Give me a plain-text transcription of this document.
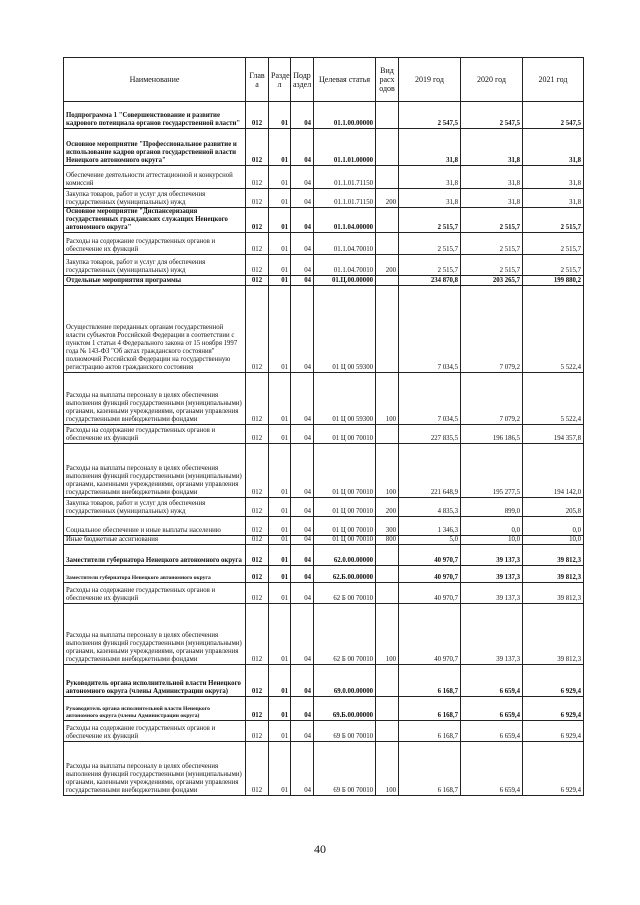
Наименование	Глав а	Разде л	Подр аздел	Целевая статья	Вид расх одов	2019 год	2020 год	2021 год
Подпрограмма 1 "Совершенствование и развитие кадрового потенциала органов государственной власти"	012	01	04	01.1.00.00000		2 547,5	2 547,5	2 547,5
Основное мероприятие "Профессиональное развитие и использование кадров органов государственной власти Ненецкого автономного округа"	012	01	04	01.1.01.00000		31,8	31,8	31,8
Обеспечение деятельности аттестационной и конкурсной комиссий	012	01	04	01.1.01.71150		31,8	31,8	31,8
Закупка товаров, работ и услуг для обеспечения государственных (муниципальных) нужд	012	01	04	01.1.01.71150	200	31,8	31,8	31,8
Основное мероприятие "Диспансеризация государственных гражданских служащих Ненецкого автономного округа"	012	01	04	01.1.04.00000		2 515,7	2 515,7	2 515,7
Расходы на содержание государственных органов и обеспечение их функций	012	01	04	01.1.04.70010		2 515,7	2 515,7	2 515,7
Закупка товаров, работ и услуг для обеспечения государственных (муниципальных) нужд	012	01	04	01.1.04.70010	200	2 515,7	2 515,7	2 515,7
Отдельные мероприятия программы	012	01	04	01.Ц.00.00000		234 870,8	203 265,7	199 880,2
Осуществление переданных органам государственной власти субъектов Российской Федерации в соответствии с пунктом 1 статьи 4 Федерального закона от 15 ноября 1997 года № 143-ФЗ "Об актах гражданского состояния" полномочий Российской Федерации на государственную регистрацию актов гражданского состояния	012	01	04	01 Ц 00 59300		7 034,5	7 079,2	5 522,4
Расходы на выплаты персоналу в целях обеспечения выполнения функций государственными (муниципальными) органами, казенными учреждениями, органами управления государственными внебюджетными фондами	012	01	04	01 Ц 00 59300	100	7 034,5	7 079,2	5 522,4
Расходы на содержание государственных органов и обеспечение их функций	012	01	04	01 Ц 00 70010		227 835,5	196 186,5	194 357,8
Расходы на выплаты персоналу в целях обеспечения выполнения функций государственными (муниципальными) органами, казенными учреждениями, органами управления государственными внебюджетными фондами	012	01	04	01 Ц 00 70010	100	221 648,9	195 277,5	194 142,0
Закупка товаров, работ и услуг для обеспечения государственных (муниципальных) нужд	012	01	04	01 Ц 00 70010	200	4 835,3	899,0	205,8
Социальное обеспечение и иные выплаты населению	012	01	04	01 Ц 00 70010	300	1 346,3	0,0	0,0
Иные бюджетные ассигнования	012	01	04	01 Ц 00 70010	800	5,0	10,0	10,0
Заместители губернатора Ненецкого автономного округа	012	01	04	62.0.00.00000		40 970,7	39 137,3	39 812,3
Заместители губернатора Ненецкого автономного округа	012	01	04	62.Б.00.00000		40 970,7	39 137,3	39 812,3
Расходы на содержание государственных органов и обеспечение их функций	012	01	04	62 Б 00 70010		40 970,7	39 137,3	39 812,3
Расходы на выплаты персоналу в целях обеспечения выполнения функций государственными (муниципальными) органами, казенными учреждениями, органами управления государственными внебюджетными фондами	012	01	04	62 Б 00 70010	100	40 970,7	39 137,3	39 812,3
Руководитель органа исполнительной власти Ненецкого автономного округа (члены Администрации округа)	012	01	04	69.0.00.00000		6 168,7	6 659,4	6 929,4
Руководитель органа исполнительной власти Ненецкого автономного округа (члены Администрации округа)	012	01	04	69.Б.00.00000		6 168,7	6 659,4	6 929,4
Расходы на содержание государственных органов и обеспечение их функций	012	01	04	69 Б 00 70010		6 168,7	6 659,4	6 929,4
Расходы на выплаты персоналу в целях обеспечения выполнения функций государственными (муниципальными) органами, казенными учреждениями, органами управления государственными внебюджетными фондами	012	01	04	69 Б 00 70010	100	6 168,7	6 659,4	6 929,4
40
